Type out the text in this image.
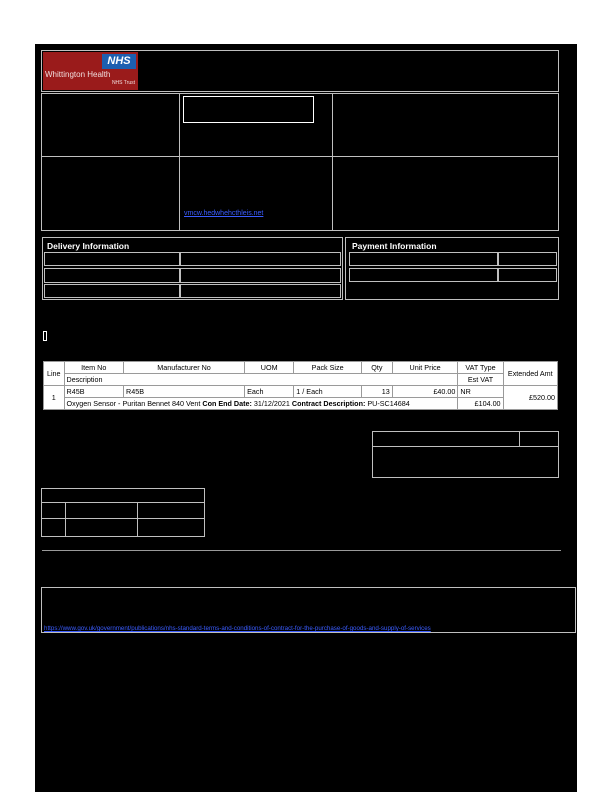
NHS
Whittington Health
NHS Trust
vmcw.hedwhehcthleis.net
Delivery Information	Payment Information
Line	Item No	Manufacturer No	UOM	Pack Size	Qty	Unit Price	VAT Type	Extended Amt
	Description						Est VAT	
1	R45B	R45B	Each	1 / Each	13	£40.00	NR	£520.00
	Oxygen Sensor - Puritan Bennet 840 Vent Con End Date: 31/12/2021 Contract Description: PU-SC14684						£104.00	
https://www.gov.uk/government/publications/nhs-standard-terms-and-conditions-of-contract-for-the-purchase-of-goods-and-supply-of-services
